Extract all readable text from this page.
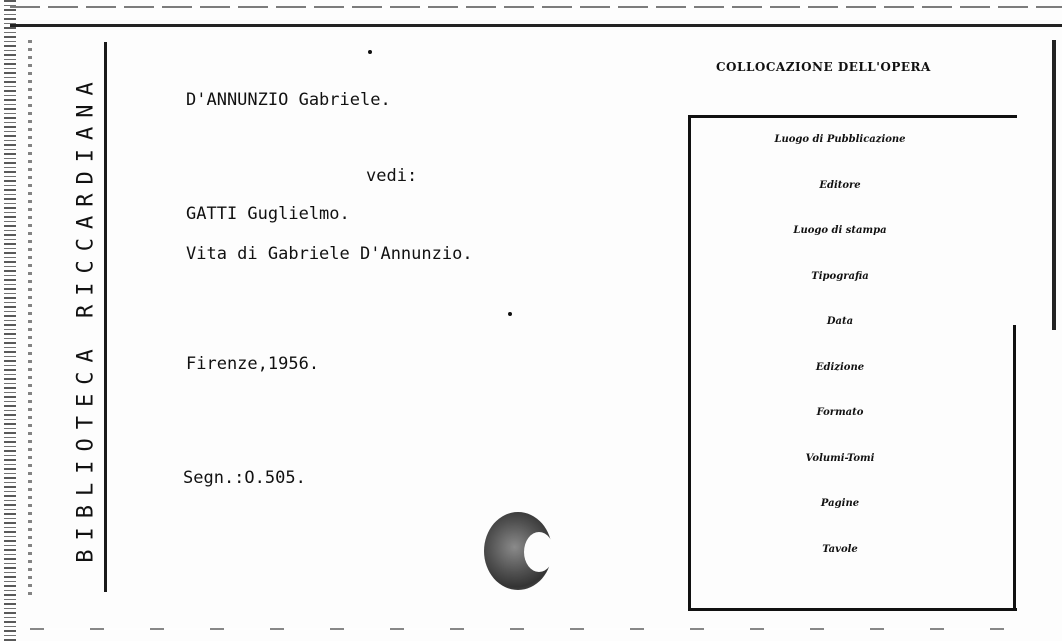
BIBLIOTECA RICCARDIANA	D'ANNUNZIO Gabriele.
vedi:
GATTI Guglielmo.
Vita di Gabriele D'Annunzio.
Firenze,1956.
Segn.:O.505.
COLLOCAZIONE DELL'OPERA
Luogo di Pubblicazione
Editore
Luogo di stampa
Tipografia
Data
Edizione
Formato
Volumi-Tomi
Pagine
Tavole
